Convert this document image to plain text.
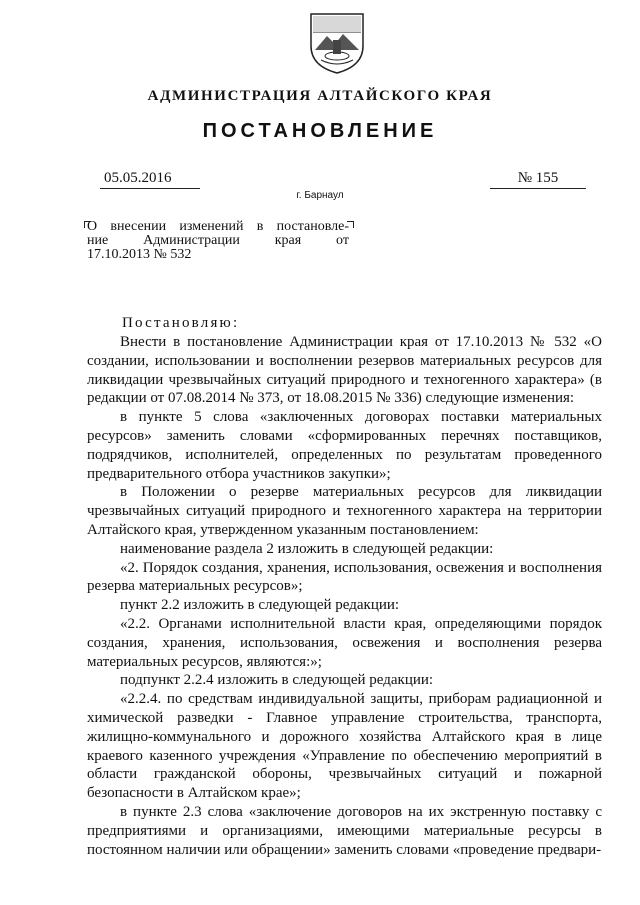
АДМИНИСТРАЦИЯ АЛТАЙСКОГО КРАЯ
ПОСТАНОВЛЕНИЕ
05.05.2016	№ 155
г. Барнаул
О внесении изменений в постановле-
ние Администрации края от
17.10.2013 № 532
Постановляю:

Внести в постановление Администрации края от 17.10.2013 № 532 «О создании, использовании и восполнении резервов материальных ресурсов для ликвидации чрезвычайных ситуаций природного и техногенного характера» (в редакции от 07.08.2014 № 373, от 18.08.2015 № 336) следующие изменения:

в пункте 5 слова «заключенных договорах поставки материальных ресурсов» заменить словами «сформированных перечнях поставщиков, подрядчиков, исполнителей, определенных по результатам проведенного предварительного отбора участников закупки»;

в Положении о резерве материальных ресурсов для ликвидации чрезвычайных ситуаций природного и техногенного характера на территории Алтайского края, утвержденном указанным постановлением:

наименование раздела 2 изложить в следующей редакции:

«2. Порядок создания, хранения, использования, освежения и восполнения резерва материальных ресурсов»;

пункт 2.2 изложить в следующей редакции:

«2.2. Органами исполнительной власти края, определяющими порядок создания, хранения, использования, освежения и восполнения резерва материальных ресурсов, являются:»;

подпункт 2.2.4 изложить в следующей редакции:

«2.2.4. по средствам индивидуальной защиты, приборам радиационной и химической разведки - Главное управление строительства, транспорта, жилищно-коммунального и дорожного хозяйства Алтайского края в лице краевого казенного учреждения «Управление по обеспечению мероприятий в области гражданской обороны, чрезвычайных ситуаций и пожарной безопасности в Алтайском крае»;

в пункте 2.3 слова «заключение договоров на их экстренную поставку с предприятиями и организациями, имеющими материальные ресурсы в постоянном наличии или обращении» заменить словами «проведение предвари-
